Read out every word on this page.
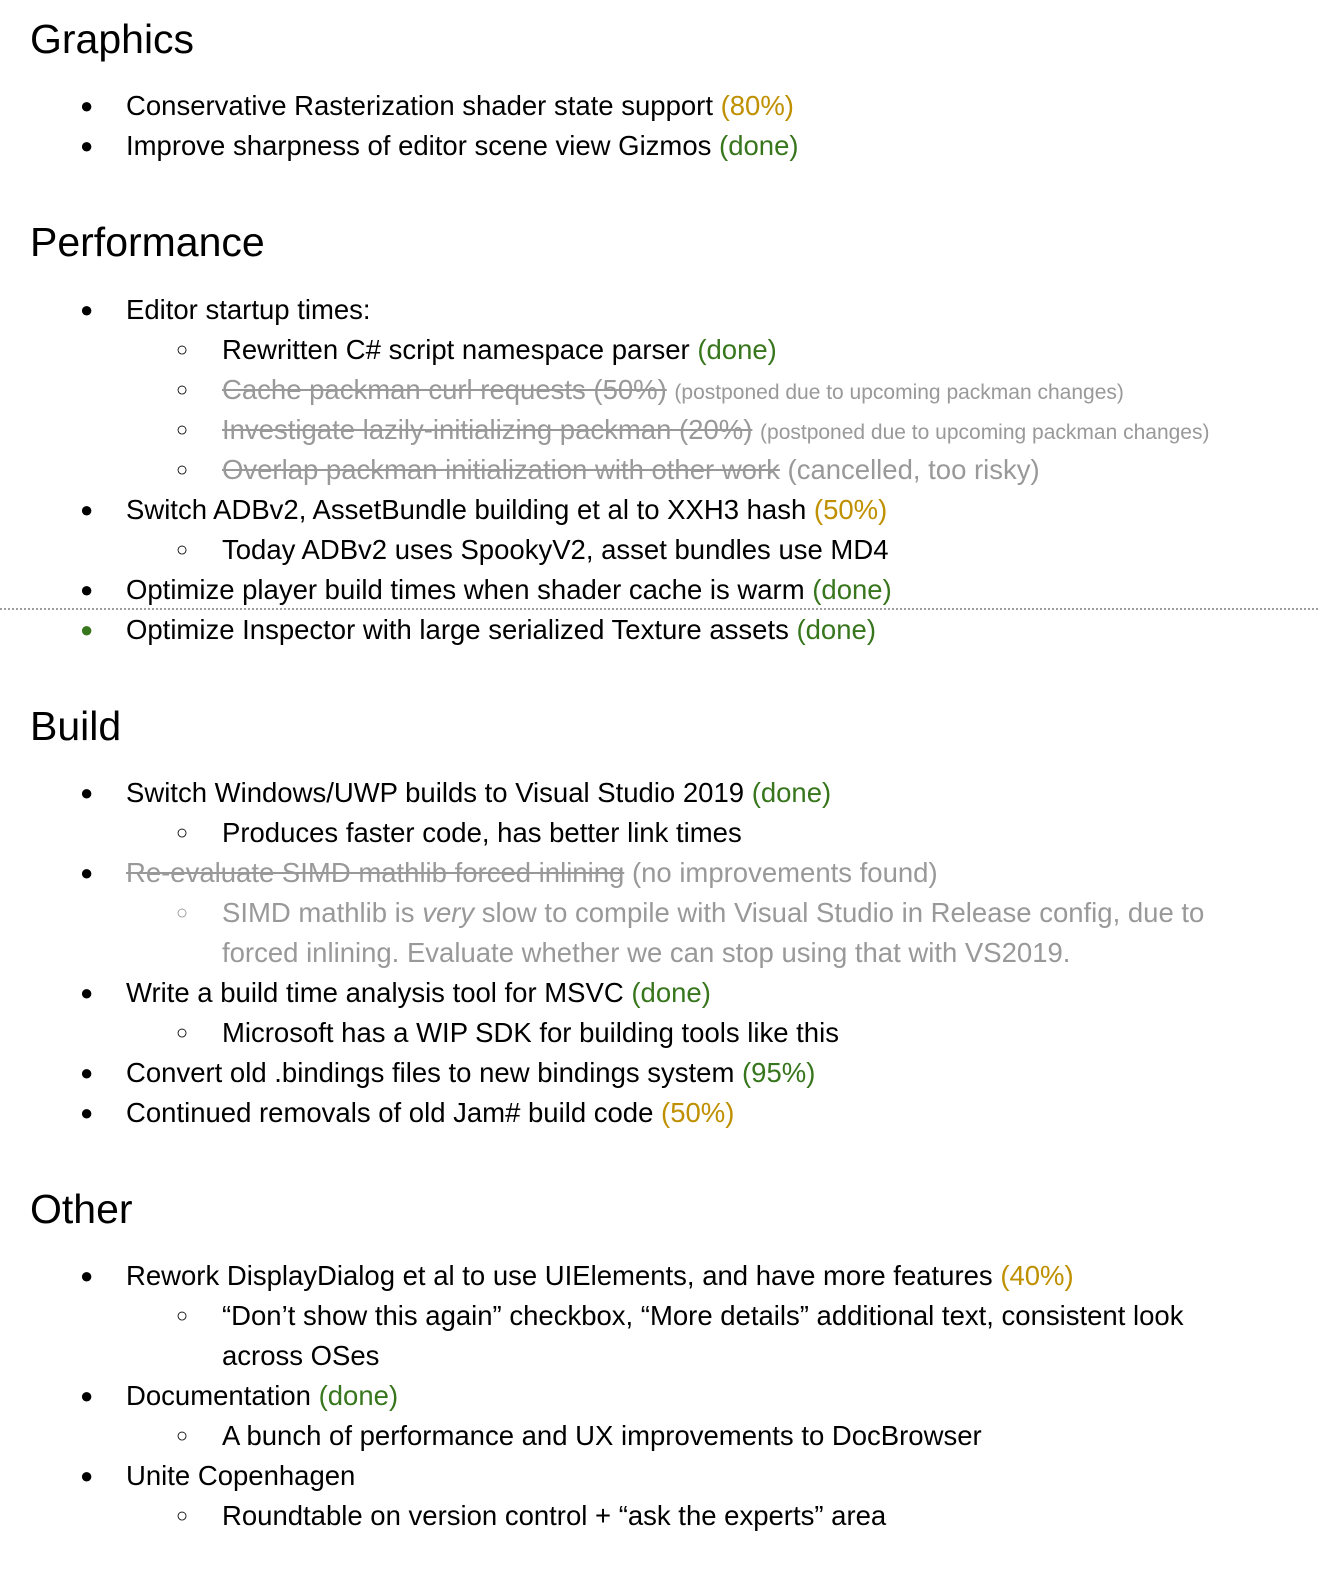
Graphics
● Conservative Rasterization shader state support (80%)
● Improve sharpness of editor scene view Gizmos (done)
Performance
● Editor startup times:
○ Rewritten C# script namespace parser (done)
○ Cache packman curl requests (50%) (postponed due to upcoming packman changes)
○ Investigate lazily-initializing packman (20%) (postponed due to upcoming packman changes)
○ Overlap packman initialization with other work (cancelled, too risky)
● Switch ADBv2, AssetBundle building et al to XXH3 hash (50%)
○ Today ADBv2 uses SpookyV2, asset bundles use MD4
● Optimize player build times when shader cache is warm (done)
● Optimize Inspector with large serialized Texture assets (done)
Build
● Switch Windows/UWP builds to Visual Studio 2019 (done)
○ Produces faster code, has better link times
● Re-evaluate SIMD mathlib forced inlining (no improvements found)
○ SIMD mathlib is very slow to compile with Visual Studio in Release config, due to
forced inlining. Evaluate whether we can stop using that with VS2019.
● Write a build time analysis tool for MSVC (done)
○ Microsoft has a WIP SDK for building tools like this
● Convert old .bindings files to new bindings system (95%)
● Continued removals of old Jam# build code (50%)
Other
● Rework DisplayDialog et al to use UIElements, and have more features (40%)
○ “Don’t show this again” checkbox, “More details” additional text, consistent look
across OSes
● Documentation (done)
○ A bunch of performance and UX improvements to DocBrowser
● Unite Copenhagen
○ Roundtable on version control + “ask the experts” area
